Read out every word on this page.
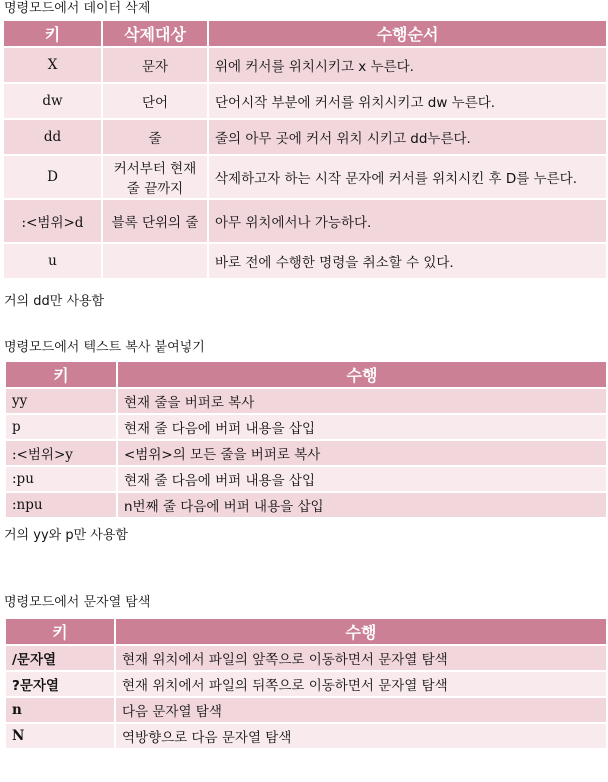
명령모드에서 데이터 삭제

키	삭제대상	수행순서
X	문자	위에 커서를 위치시키고 x 누른다.
dw	단어	단어시작 부분에 커서를 위치시키고 dw 누른다.
dd	줄	줄의 아무 곳에 커서 위치 시키고 dd누른다.
D	커서부터 현재 줄 끝까지	삭제하고자 하는 시작 문자에 커서를 위치시킨 후 D를 누른다.
:<범위>d	블록 단위의 줄	아무 위치에서나 가능하다.
u		바로 전에 수행한 명령을 취소할 수 있다.

거의 dd만 사용함

명령모드에서 텍스트 복사 붙여넣기

키	수행
yy	현재 줄을 버퍼로 복사
p	현재 줄 다음에 버퍼 내용을 삽입
:<범위>y	<범위>의 모든 줄을 버퍼로 복사
:pu	현재 줄 다음에 버퍼 내용을 삽입
:npu	n번째 줄 다음에 버퍼 내용을 삽입

거의 yy와 p만 사용함

명령모드에서 문자열 탐색

키	수행
/문자열	현재 위치에서 파일의 앞쪽으로 이동하면서 문자열 탐색
?문자열	현재 위치에서 파일의 뒤쪽으로 이동하면서 문자열 탐색
n	다음 문자열 탐색
N	역방향으로 다음 문자열 탐색
